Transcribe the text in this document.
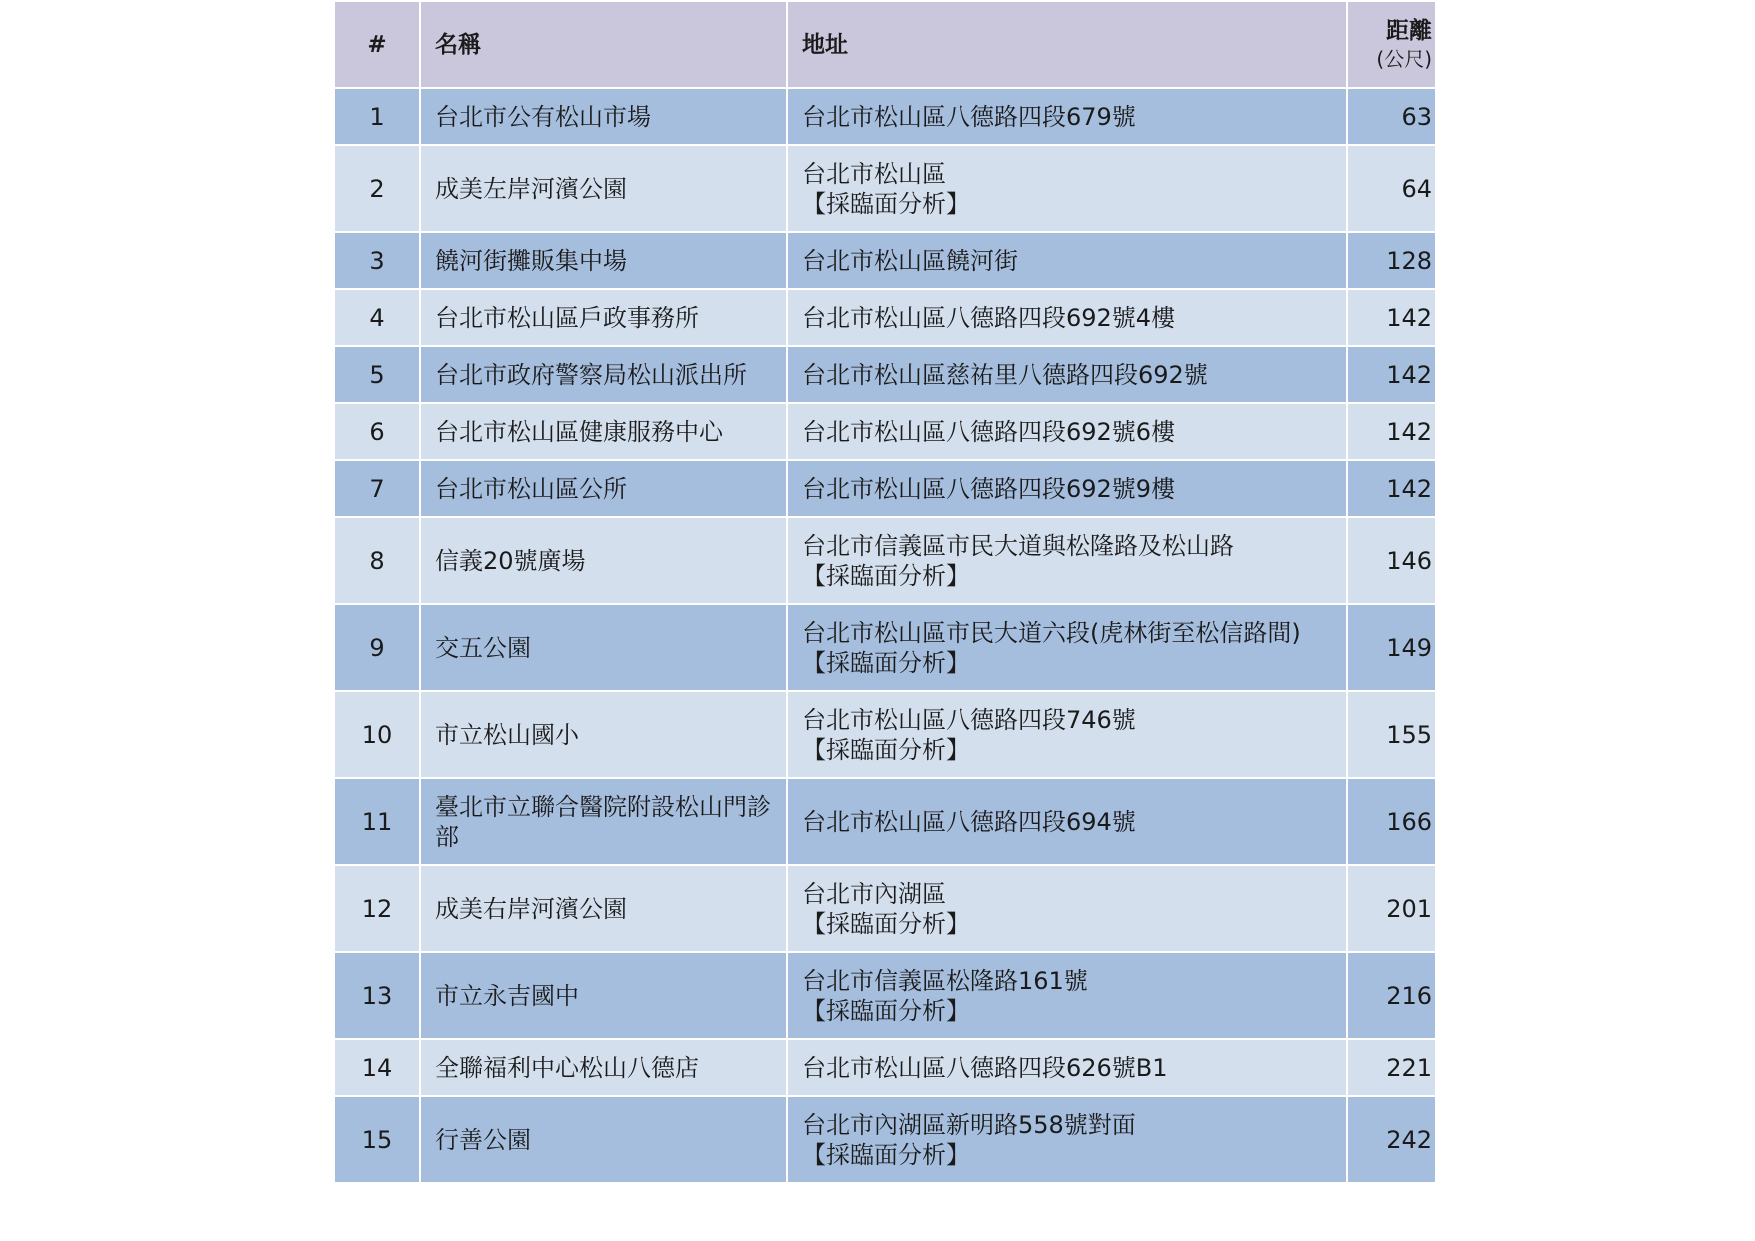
#	名稱	地址	距離
(公尺)

1	台北市公有松山市場	台北市松山區八德路四段679號	63
2	成美左岸河濱公園	台北市松山區
【採臨面分析】	64
3	饒河街攤販集中場	台北市松山區饒河街	128
4	台北市松山區戶政事務所	台北市松山區八德路四段692號4樓	142
5	台北市政府警察局松山派出所	台北市松山區慈祐里八德路四段692號	142
6	台北市松山區健康服務中心	台北市松山區八德路四段692號6樓	142
7	台北市松山區公所	台北市松山區八德路四段692號9樓	142
8	信義20號廣場	台北市信義區市民大道與松隆路及松山路
【採臨面分析】	146
9	交五公園	台北市松山區市民大道六段(虎林街至松信路間)
【採臨面分析】	149
10	市立松山國小	台北市松山區八德路四段746號
【採臨面分析】	155
11	臺北市立聯合醫院附設松山門診部	台北市松山區八德路四段694號	166
12	成美右岸河濱公園	台北市內湖區
【採臨面分析】	201
13	市立永吉國中	台北市信義區松隆路161號
【採臨面分析】	216
14	全聯福利中心松山八德店	台北市松山區八德路四段626號B1	221
15	行善公園	台北市內湖區新明路558號對面
【採臨面分析】	242
